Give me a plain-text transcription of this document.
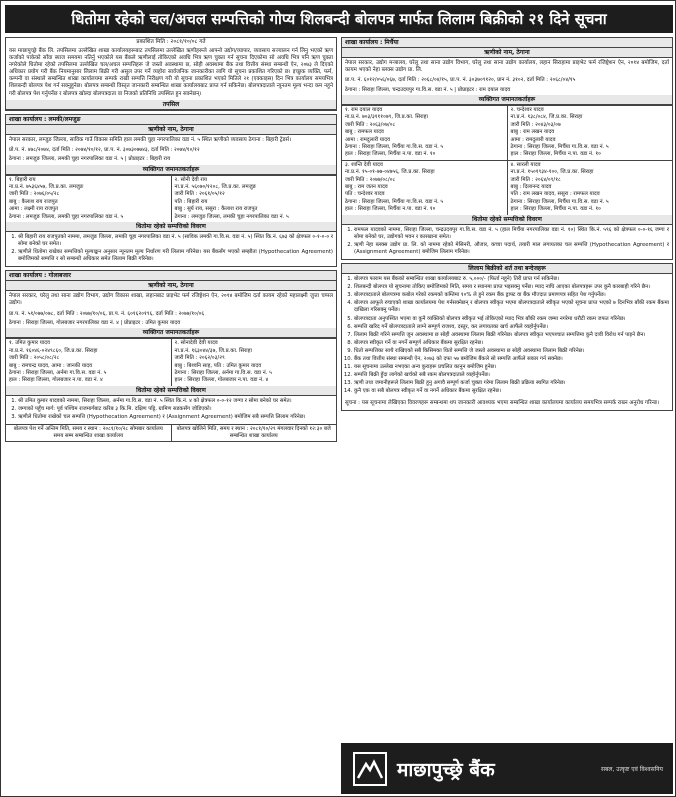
धितोमा रहेको चल/अचल सम्पत्तिको गोप्य शिलबन्दी बोलपत्र मार्फत लिलाम बिक्रीको २१ दिने सूचना
प्रकाशित मिति : २०८१/१०/०८ गते
यस माछापुच्छ्रे बैंक लि. तपसिलमा उल्लेखित शाखा कार्यालयहरूबाट तपसिलमा उल्लेखित ऋणीहरूले आफ्नो उद्योग/व्यापार, व्यवसाय सञ्चालन गर्न लिनु भएको ऋण कर्जाको पाकेको साँवा ब्याज समयमा नतिर्नु भएकोले यस बैंकले ऋणीलाई तोकिएको अवधि भित्र ऋण चुक्ता गर्न सूचना दिएकोमा सो अवधि भित्र पनि ऋण चुक्ता नगरेकोले धितोमा रहेको तपसिलमा उल्लेखित चल/अचल सम्पत्तिहरू जे जस्तो अवस्थामा छ, सोही अवस्थामा बैंक तथा वित्तीय संस्था सम्बन्धी ऐन, २०७३ ले दिएको अधिकार प्रयोग गरी बैंक नियमानुसार लिलाम बिक्री गरी असुल उपर गर्ने व्यहोरा सार्वजनिक जानकारीका लागि यो सूचना प्रकाशित गरिएको छ। इच्छुक व्यक्ति, फर्म, कम्पनी वा संस्थाले सम्बन्धित शाखा कार्यालयमा सम्पर्क राखी सम्पत्ति निरीक्षण गरी यो सूचना प्रकाशित भएको मितिले २१ (एक्काइस) दिन भित्र कार्यालय समयभित्र शिलबन्दी बोलपत्र पेश गर्न सक्नुहुनेछ। बोलपत्र सम्बन्धी विस्तृत जानकारी सम्बन्धित शाखा कार्यालयबाट प्राप्त गर्न सकिनेछ। बोलपत्रदाताले न्यूनतम मूल्य भन्दा कम नहुने गरी बोलपत्र पेश गर्नुपर्नेछ र बोलपत्र खोल्दा बोलपत्रदाता वा निजको प्रतिनिधि उपस्थित हुन सक्नेछन्।
तपसिल
शाखा कार्यालय : लमकी/लमजुङ
ऋणीको नाम, ठेगाना
नेपाल सरकार, लम्जुङ जिल्ला, साविक गाउँ विकास समिति हाल लमकी चुहा नगरपालिका वडा नं. ५ स्थित ऋणीको व्यवसाय ठेगाना : बिहारी ट्रेडर्स।
प्रो.प. नं. ४७८/२०७४, दर्ता मिति : २०७४/१०/१२, प्रा.प. नं. ३०७३०७७४३, दर्ता मिति : २०७४/१०/१२
ठेगाना : लमजुङ जिल्ला, लमकी चुहा नगरपालिका वडा नं. ५ | प्रोप्राइटर : बिहारी राय
व्यक्तिगत जमानतकर्ताहरू
१. बिहारी राय
ना.प्र.नं. ७५३६४५७, जि.प्र.का. लमजुङ
जारी मिति : २०७६/०५/२८
बाबु : कैलाश राय राजपुत
आमा : लक्ष्मी राय राजपुत
ठेगाना : लमजुङ जिल्ला, लमकी चुहा नगरपालिका वडा नं. ५
२. सोनी देवी राय
ना.प्र.नं. ५६०७०/१२०८, जि.प्र.का. लमजुङ
जारी मिति : २०६१/०५/१२
पति : बिहारी राय
बाबु : सुर्य राय, ससुरा : कैलाश राय राजपुत
ठेगाना : लमजुङ जिल्ला, लमकी चुहा नगरपालिका वडा नं. ५
धितोमा रहेको सम्पत्तिको विवरण
1. श्री बिहारी राय राजपुतको नाममा, लमजुङ जिल्ला, लमकी चुहा नगरपालिका वडा नं. ५ (साविक लमकी गा.वि.स. वडा नं. ५) स्थित कि.नं. ६७३ को क्षेत्रफल ०-१-०-० र सोमा बनेको घर समेत।
2. ऋणीले धितोमा राखेका सम्पत्तिको मूल्याङ्कन अनुसार न्यूनतम मूल्य निर्धारण गरी लिलाम गरिनेछ। यस बैंकसँग भएको सम्झौता (Hypothecation Agreement) बमोजिमको सम्पत्ति र सो सम्बन्धी अधिकार समेत लिलाम बिक्री गरिनेछ।
शाखा कार्यालय : गोलाबजार
ऋणीको नाम, ठेगाना
नेपाल सरकार, घरेलु तथा साना उद्योग विभाग, उद्योग विकास शाखा, लहानबाट प्राइभेट फर्म रजिष्ट्रेशन ऐन, २०१४ बमोजिम दर्ता कायम रहेको महालक्ष्मी जुत्ता चप्पल उद्योग।
प्रा.प. नं. ५१/०७७/०७८, दर्ता मिति : २०७७/१०/०६, प्रा.प. नं. ६०१६२०१९६, दर्ता मिति : २०७७/१०/०६
ठेगाना : सिराहा जिल्ला, गोलबजार नगरपालिका वडा नं. ४ | प्रोप्राइटर : उमित कुमार यादव
व्यक्तिगत जमानतकर्ताहरू
१. उमित कुमार यादव
ना.प्र.नं. १६०४६-०२४९८६०, जि.प्र.का. सिराहा
जारी मिति : २०५८/०८/२८
बाबु : रामचन्द्र यादव, आमा : जानकी यादव
ठेगाना : सिराहा जिल्ला, अर्नमा गा.वि.स. वडा नं. ५
हाल : सिराहा जिल्ला, गोलबजार न.पा. वडा नं. ४
२. सोनादेवी देवी यादव
ना.प्र.नं. १६३०४४/३७, जि.प्र.का. सिराहा
जारी मिति : २०६२/०३/२९
बाबु : बिश्वनि साह, पति : उमित कुमार यादव
ठेगाना : सिराहा जिल्ला, अर्नमा गा.वि.स. वडा नं. ५
हाल : सिराहा जिल्ला, गोलबजार न.पा. वडा नं. ४
धितोमा रहेको सम्पत्तिको विवरण
1. श्री उमित कुमार यादवको नाममा, सिराहा जिल्ला, अर्नमा गा.वि.स. वडा नं. ५ स्थित कि.नं. ४ को क्षेत्रफल ०-०-१२ जग्गा र सोमा बनेको घर समेत।
2. जग्गाको पहुँच मार्ग: पूर्व पश्चिम राजमार्गबाट करिब ३ कि.मि. दक्षिण पट्टि, ग्रामिण सडकसँग जोडिएको।
3. ऋणीले धितोमा राखेको चल सम्पत्ति (Hypothecation Agreement) र (Assignment Agreement) बमोजिम सबै सम्पत्ति लिलाम गरिनेछ।
बोलपत्र पेश गर्ने अन्तिम मिति, समय र स्थान : २०८१/१०/२८ सोमबार कार्यालय समय सम्म सम्बन्धित शाखा कार्यालय
बोलपत्र खोलिने मिति, समय र स्थान : २०८१/१०/२९ मंगलवार दिनको १२:३० बजे सम्बन्धित शाखा कार्यालय
शाखा कार्यालय : मिर्चैया
ऋणीको नाम, ठेगाना
नेपाल सरकार, उद्योग मन्त्रालय, घरेलु तथा साना उद्योग विभाग, घरेलु तथा साना उद्योग कार्यालय, लहान सिराहामा प्राइभेट फर्म रजिष्ट्रेशन ऐन, २०१४ बमोजिम, दर्ता कायम भएको नेहा ब्लक्स उद्योग प्रा. लि.
प्रा.प. नं. ६०१२/०५६/०६७, दर्ता मिति : २०६८/०४/१५, प्रा.प. नं. ३०३७०९१२०, प्रान नं. ३१०२, दर्ता मिति : २०६८/०४/१५
ठेगाना : सिराहा जिल्ला, चन्द्रउदयपुर गा.वि.स. वडा नं. ५ | प्रोप्राइटर : राम दयाल यादव
व्यक्तिगत जमानतकर्ताहरू
१. राम दयाल यादव
ना.प्र.नं. ७०३/३१११०७९, जि.प्र.का. सिराहा
जारी मिति : २०६३/०७/०८
बाबु : रामफल यादव
आमा : रामदुलारी यादव
ठेगाना : सिराहा जिल्ला, मिर्चैया गा.वि.स. वडा नं. ५
हाल : सिराहा जिल्ला, मिर्चैया न.पा. वडा नं. १०
२. चन्देश्वर यादव
ना.प्र.नं. १३८/०८४, जि.प्र.का. सिराहा
जारी मिति : २०४३/०३/०७
बाबु : राम लखन यादव
आमा : रामदुलारी यादव
ठेगाना : सिराहा जिल्ला, मिर्चैया गा.वि.स. वडा नं. ५
हाल : सिराहा जिल्ला, मिर्चैया न.पा. वडा नं. १०
३. शान्ति देवी यादव
ना.प्र.नं. १५-०१-७७-०४७५६, जि.प्र.का. सिराहा
जारी मिति : २०७७/०८/०८
बाबु : राम जतन यादव
पति : चन्देश्वर यादव
ठेगाना : सिराहा जिल्ला, मिर्चैया गा.वि.स. वडा नं. ५
हाल : सिराहा जिल्ला, मिर्चैया न.पा. वडा नं. १०
४. सारली यादव
ना.प्र.नं. १५०१९३४-१००, जि.प्र.का. सिराहा
जारी मिति : २०६४/०९/१८
बाबु : दिलानन्द यादव
पति : राम लखन यादव, ससुरा : रामफल यादव
ठेगाना : सिराहा जिल्ला, मिर्चैया गा.वि.स. वडा नं. ५
हाल : सिराहा जिल्ला, मिर्चैया न.पा. वडा नं. १०
धितोमा रहेको सम्पत्तिको विवरण
1. रामफल यादवको नाममा, सिराहा जिल्ला, चन्द्रउदयपुर गा.वि.स. वडा नं. ५ (हाल मिर्चैया नगरपालिका वडा नं. १०) स्थित कि.नं. ५९६ को क्षेत्रफल ०-०-१६ जग्गा र सोमा बनेको घर, उद्योगको भवन र कारखाना समेत।
2. ऋणी नेहा ब्लक्स उद्योग प्रा. लि. को नाममा रहेको मेसिनरी, औजार, कच्चा पदार्थ, तयारी माल लगायतका चल सम्पत्ति (Hypothecation Agreement) र (Assignment Agreement) बमोजिम लिलाम गरिनेछ।
लिलाम बिक्रीको शर्त तथा बन्देजहरू
1. बोलपत्र फाराम यस बैंकको सम्बन्धित शाखा कार्यालयबाट रु. ५,०००/- (फिर्ता नहुने) तिरी प्राप्त गर्न सकिनेछ।
2. शिलबन्दी बोलपत्र यो सूचनामा तोकिए बमोजिमको मिति, समय र स्थानमा प्राप्त भइसक्नु पर्नेछ। म्याद नाघि आएका बोलपत्रहरू उपर कुनै कारबाही गरिने छैन।
3. बोलपत्रदाताले बोलपत्रमा कबोल गरेको रकमको कम्तिमा १०% ले हुने रकम बैंक ड्राफ्ट वा बैंक मौज्दात प्रमाणपत्र सहित पेश गर्नुपर्नेछ।
4. बोलपत्र आफूले रुचाएको शाखा कार्यालयमा पेश गर्नसक्नेछन् र बोलपत्र स्वीकृत भएमा बोलपत्रदाताले स्वीकृत भएको सूचना प्राप्त भएको ७ दिनभित्र बाँकी रकम बैंकमा दाखिला गरिसक्नु पर्नेछ।
5. बोलपत्रदाता अनुपस्थित भएमा वा कुनै व्यक्तिको बोलपत्र स्वीकृत भई तोकिएको म्याद भित्र बाँकी रकम जम्मा नगरेमा धरौटी रकम जफत गरिनेछ।
6. सम्पत्ति खरिद गर्ने बोलपत्रदाताले लाग्ने सम्पूर्ण राजश्व, दस्तुर, कर लगायतका खर्च आफैंले व्यहोर्नुपर्नेछ।
7. लिलाम बिक्री गरिने सम्पत्ति जुन अवस्थामा छ सोही अवस्थामा लिलाम बिक्री गरिनेछ। बोलपत्र स्वीकृत भएपश्चात सम्पत्तिमा कुनै दावी विरोध गर्न पाइने छैन।
8. बोलपत्र स्वीकृत गर्ने वा नगर्ने सम्पूर्ण अधिकार बैंकमा सुरक्षित रहनेछ।
9. धितो सम्पत्तिका साथै राखिएको सबै किसिमका धितो सम्पत्ति जे जस्तो अवस्थामा छ सोही अवस्थामा लिलाम बिक्री गरिनेछ।
10. बैंक तथा वित्तीय संस्था सम्बन्धी ऐन, २०७३ को दफा ५७ बमोजिम बैंकले सो सम्पत्ति आफैंले सकार गर्न सक्नेछ।
11. यस सूचनामा उल्लेख नभएका अन्य कुराहरू प्रचलित कानुन बमोजिम हुनेछ।
12. सम्पत्ति बिक्री हुँदा लागेको खर्चको सबै रकम बोलपत्रदाताले व्यहोर्नुपर्नेछ।
13. ऋणी तथा जमानीहरूले लिलाम बिक्री हुनु अगावै सम्पूर्ण कर्जा चुक्ता गरेमा लिलाम बिक्री प्रक्रिया स्थगित गरिनेछ।
14. कुनै एक वा सबै बोलपत्र स्वीकृत गर्ने वा नगर्ने अधिकार बैंकमा सुरक्षित रहनेछ।
सूचना : यस सूचनामा लेखिएका विवरणहरू सम्बन्धमा थप जानकारी आवश्यक भएमा सम्बन्धित शाखा कार्यालयमा कार्यालय समयभित्र सम्पर्क राख्न अनुरोध गरिन्छ।
माछापुच्छ्रे बैंक	सबल, उत्कृष्ट एवं विश्वसनिय
